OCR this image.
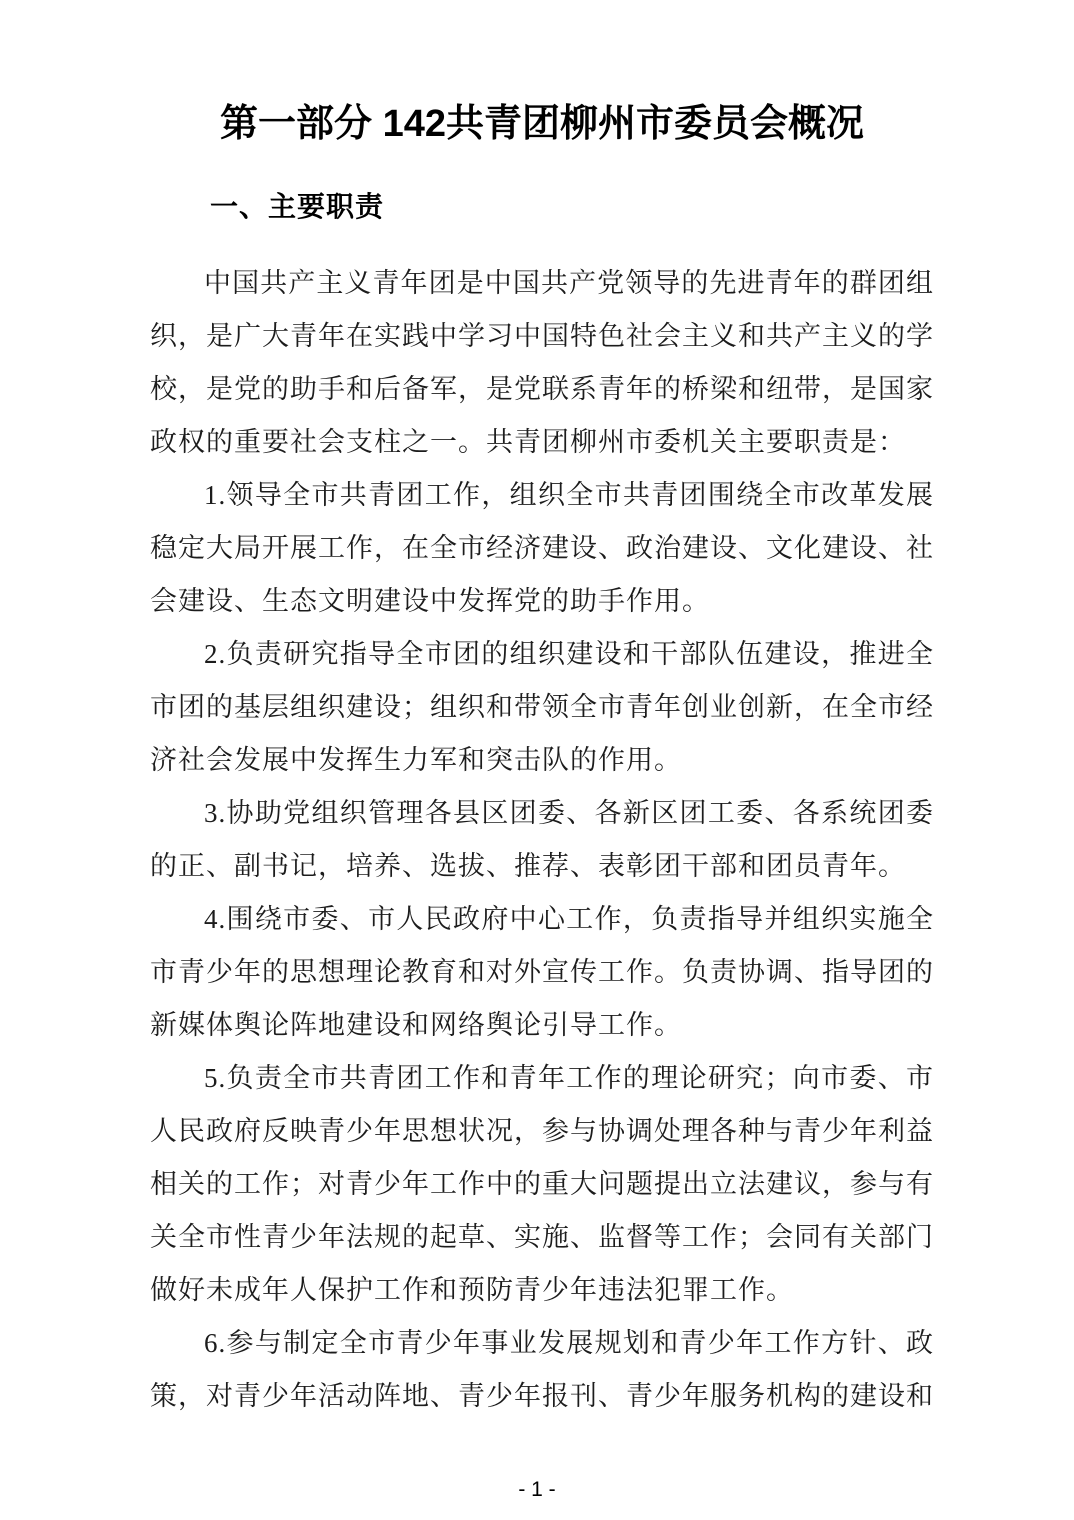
第一部分 142共青团柳州市委员会概况
一、主要职责

中国共产主义青年团是中国共产党领导的先进青年的群团组织，是广大青年在实践中学习中国特色社会主义和共产主义的学校，是党的助手和后备军，是党联系青年的桥梁和纽带，是国家政权的重要社会支柱之一。共青团柳州市委机关主要职责是：

1.领导全市共青团工作，组织全市共青团围绕全市改革发展稳定大局开展工作，在全市经济建设、政治建设、文化建设、社会建设、生态文明建设中发挥党的助手作用。

2.负责研究指导全市团的组织建设和干部队伍建设，推进全市团的基层组织建设；组织和带领全市青年创业创新，在全市经济社会发展中发挥生力军和突击队的作用。

3.协助党组织管理各县区团委、各新区团工委、各系统团委的正、副书记，培养、选拔、推荐、表彰团干部和团员青年。

4.围绕市委、市人民政府中心工作，负责指导并组织实施全市青少年的思想理论教育和对外宣传工作。负责协调、指导团的新媒体舆论阵地建设和网络舆论引导工作。

5.负责全市共青团工作和青年工作的理论研究；向市委、市人民政府反映青少年思想状况，参与协调处理各种与青少年利益相关的工作；对青少年工作中的重大问题提出立法建议，参与有关全市性青少年法规的起草、实施、监督等工作；会同有关部门做好未成年人保护工作和预防青少年违法犯罪工作。

6.参与制定全市青少年事业发展规划和青少年工作方针、政策，对青少年活动阵地、青少年报刊、青少年服务机构的建设和

- 1 -
